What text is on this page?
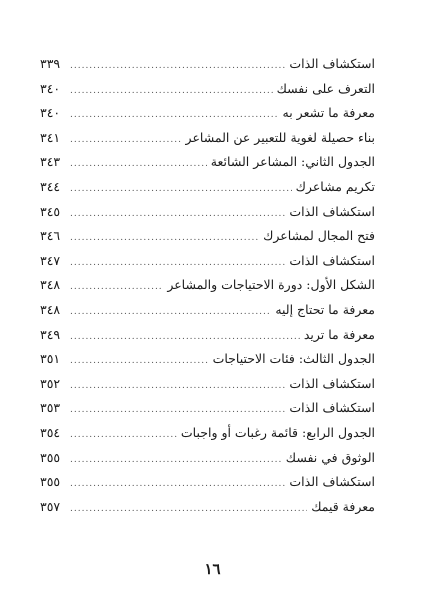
استكشاف الذات
.....
٣٣٩
التعرف على نفسك
.....
٣٤٠
معرفة ما تشعر به
.....
٣٤٠
بناء حصيلة لغوية للتعبير عن المشاعر
.....
٣٤١
الجدول الثاني: المشاعر الشائعة
.....
٣٤٣
تكريم مشاعرك
.....
٣٤٤
استكشاف الذات
.....
٣٤٥
فتح المجال لمشاعرك
.....
٣٤٦
استكشاف الذات
.....
٣٤٧
الشكل الأول: دورة الاحتياجات والمشاعر
.....
٣٤٨
معرفة ما تحتاج إليه
.....
٣٤٨
معرفة ما تريد
.....
٣٤٩
الجدول الثالث: فئات الاحتياجات
.....
٣٥١
استكشاف الذات
.....
٣٥٢
استكشاف الذات
.....
٣٥٣
الجدول الرابع: قائمة رغبات أو واجبات
.....
٣٥٤
الوثوق في نفسك
.....
٣٥٥
استكشاف الذات
.....
٣٥٥
معرفة قيمك
.....
٣٥٧
١٦
